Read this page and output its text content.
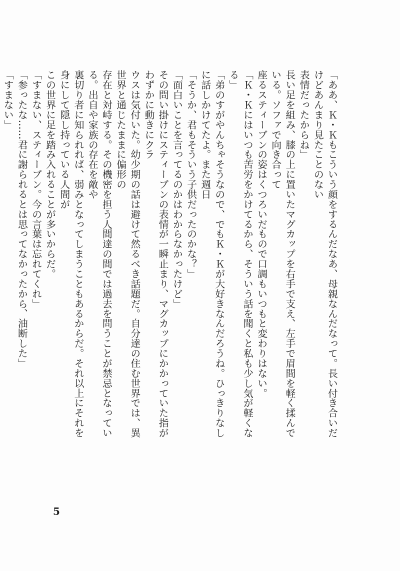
「ああ、Ｋ・Ｋもこういう顔をするんだなあ、母親なんだなって。長い付き合いだけどあんまり見たことのない

表情だったからね」

長い足を組み、膝の上に置いたマグカップを右手で支え、左手で眉間を軽く揉んでいる。ソファで向き合って

座るスティーブンの姿はくつろいだもので口調もいつもと変わりはない。

「Ｋ・Ｋにはいつも苦労をかけてるから、そういう話を聞くと私も少し気が軽くなる」

「弟のすがやんちゃそうなので、でもＫ・Ｋが大好きなんだろうね。ひっきりなしに話しかけてたよ。また週日

「そうか、君もそういう子供だったのかな？」

「面白いことを言ってるのかはわからなかったけど」

その問い掛けにスティーブンの表情が一瞬止まり、マグカップにかかっていた指がわずかに動きにクラ

ウスは気付いた。幼少期の話は避けて然るべき話題だ。自分達の住む世界では、異世界と通じたままに偏形の

存在と対峙する。その機密を担う人間達の間では過去を問うことが禁忌となっている。出自や家族の存在を敵や

裏切り者に知られれば、弱みとなってしまうこともあるからだ。それ以上にそれを身にして隠し持っている人間が

この世界に足を踏み入れることが多いからだ。

「すまない、スティーブン。今の言葉は忘れてくれ」

「参ったな……君に謝られるとは思ってなかったから、油断した」

「すまない」

5
